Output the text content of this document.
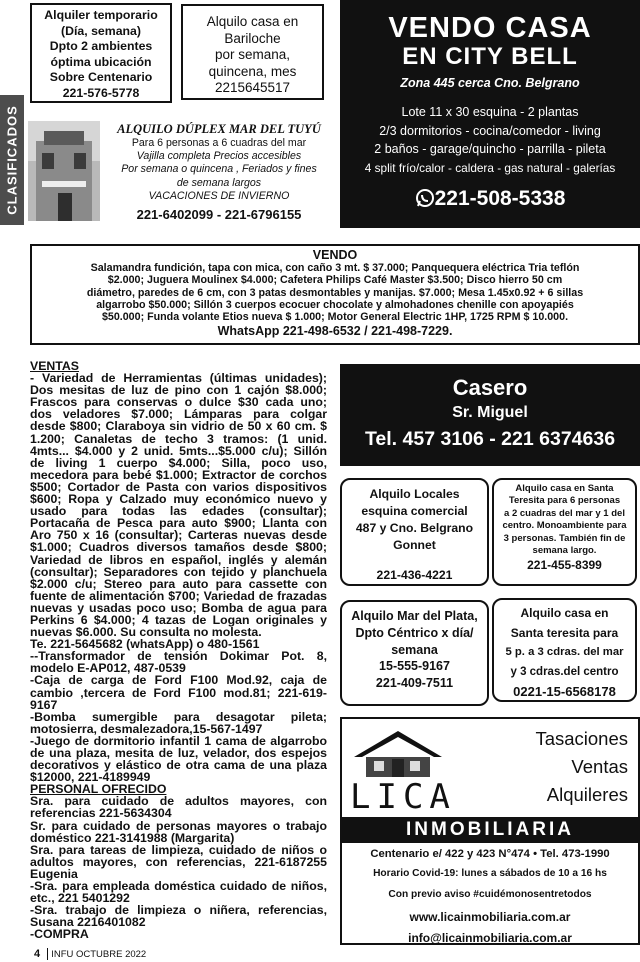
CLASIFICADOS
Alquiler temporario
(Día, semana)
Dpto 2 ambientes
óptima ubicación
Sobre Centenario
221-576-5778
Alquilo casa en
Bariloche
por semana,
quincena, mes
2215645517
VENDO CASA
EN CITY BELL
Zona 445 cerca Cno. Belgrano
Lote 11 x 30 esquina - 2 plantas
2/3 dormitorios - cocina/comedor - living
2 baños - garage/quincho - parrilla - pileta
4 split frío/calor - caldera - gas natural - galerías
221-508-5338
ALQUILO DÚPLEX MAR DEL TUYÚ
Para 6 personas a 6 cuadras del mar
Vajilla completa Precios accesibles
Por semana o quincena , Feriados y fines
de semana largos
VACACIONES DE INVIERNO
221-6402099 - 221-6796155
VENDO
Salamandra fundición, tapa con mica, con caño 3 mt. $ 37.000; Panquequera eléctrica Tria teflón
$2.000; Juguera Moulinex $4.000; Cafetera Philips Café Master $3.500; Disco hierro 50 cm
diámetro, paredes de 6 cm, con 3 patas desmontables y manijas. $7.000; Mesa 1.45x0.92 + 6 sillas
algarrobo $50.000; Sillón 3 cuerpos ecocuer chocolate y almohadones chenille con apoyapiés
$50.000; Funda volante Etios nueva $ 1.000; Motor General Electric 1HP, 1725 RPM $ 10.000.
WhatsApp 221-498-6532 / 221-498-7229.

VENTAS

- Variedad de Herramientas (últimas unidades); Dos mesitas de luz de pino con 1 cajón $8.000; Frascos para conservas o dulce $30 cada uno; dos veladores $7.000; Lámparas para colgar desde $800; Claraboya sin vidrio de 50 x 60 cm. $ 1.200; Canaletas de techo 3 tramos: (1 unid. 4mts... $4.000 y 2 unid. 5mts...$5.000 c/u); Sillón de living 1 cuerpo $4.000; Silla, poco uso, mecedora para bebé $1.000; Extractor de corchos $500; Cortador de Pasta con varios dispositivos $600; Ropa y Calzado muy económico nuevo y usado para todas las edades (consultar); Portacaña de Pesca para auto $900; Llanta con Aro 750 x 16 (consultar); Carteras nuevas desde $1.000; Cuadros diversos tamaños desde $800; Variedad de libros en español, inglés y alemán (consultar); Separadores con tejido y planchuela $2.000 c/u; Stereo para auto para cassette con fuente de alimentación $700; Variedad de frazadas nuevas y usadas poco uso; Bomba de agua para Perkins 6 $4.000; 4 tazas de Logan originales y nuevas $6.000. Su consulta no molesta.

Te. 221-5645682 (whatsApp) o 480-1561

--Transformador de tensión Dokimar Pot. 8, modelo E-AP012, 487-0539

-Caja de carga de Ford F100 Mod.92, caja de cambio ,tercera de Ford F100 mod.81; 221-619-9167

-Bomba sumergible para desagotar pileta; motosierra, desmalezadora,15-567-1497

-Juego de dormitorio infantil 1 cama de algarrobo de una plaza, mesita de luz, velador, dos espejos decorativos y elástico de otra cama de una plaza $12000, 221-4189949

PERSONAL OFRECIDO

Sra. para cuidado de adultos mayores, con referencias 221-5634304

Sr. para cuidado de personas mayores o trabajo doméstico 221-3141988 (Margarita)

Sra. para tareas de limpieza, cuidado de niños o adultos mayores, con referencias, 221-6187255 Eugenia

-Sra. para empleada doméstica cuidado de niños, etc., 221 5401292

-Sra. trabajo de limpieza o niñera, referencias, Susana 2216401082

-COMPRA

Casero
Sr. Miguel
Tel. 457 3106 - 221 6374636
Alquilo Locales
esquina comercial
487 y Cno. Belgrano
Gonnet
221-436-4221
Alquilo casa en Santa
Teresita para 6 personas
a 2 cuadras del mar y 1 del
centro. Monoambiente para
3 personas. También fin de
semana largo.
221-455-8399
Alquilo Mar del Plata,
Dpto Céntrico x día/
semana
15-555-9167
221-409-7511
Alquilo casa en
Santa teresita para
5 p. a 3 cdras. del mar
y 3 cdras.del centro
0221-15-6568178
LICA
Tasaciones
Ventas
Alquileres
INMOBILIARIA
Centenario e/ 422 y 423 N°474 • Tel. 473-1990
Horario Covid-19: lunes a sábados de 10 a 16 hs
Con previo aviso #cuidémonosentretodos
www.licainmobiliaria.com.ar
info@licainmobiliaria.com.ar
4 INFU OCTUBRE 2022
